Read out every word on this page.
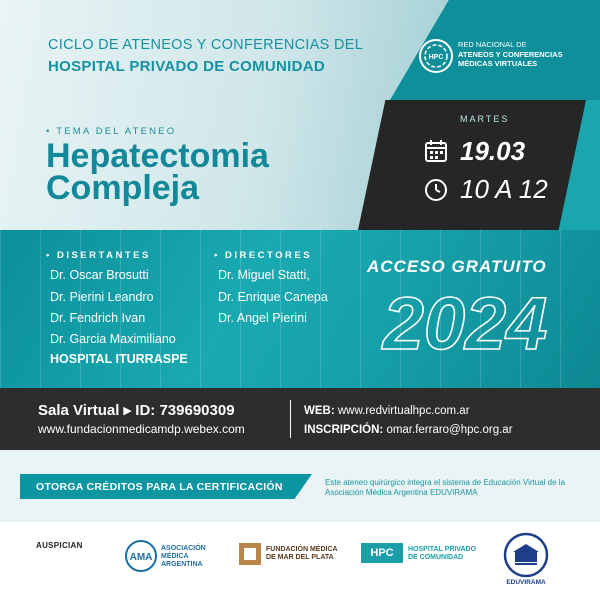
CICLO DE ATENEOS Y CONFERENCIAS DEL
HOSPITAL PRIVADO DE COMUNIDAD
HPC
RED NACIONAL DE
ATENEOS Y CONFERENCIAS
MÉDICAS VIRTUALES
• TEMA DEL ATENEO
Hepatectomia
Compleja
MARTES
19.03
10 A 12
• DISERTANTES
Dr. Oscar Brosutti
Dr. Pierini Leandro
Dr. Fendrich Ivan
Dr. Garcia Maximiliano
HOSPITAL ITURRASPE
• DIRECTORES
Dr. Miguel Statti,
Dr. Enrique Canepa
Dr. Angel Pierini
ACCESO GRATUITO
2024
Sala Virtual ▸ ID: 739690309
www.fundacionmedicamdp.webex.com
WEB: www.redvirtualhpc.com.ar
INSCRIPCIÓN: omar.ferraro@hpc.org.ar
OTORGA CRÉDITOS PARA LA CERTIFICACIÓN	Este ateneo quirúrgico integra el sistema de Educación Virtual de la Asociación Médica Argentina EDUVIRAMA
AUSPICIAN
AMA
ASOCIACIÓN MÉDICA ARGENTINA
FUNDACIÓN MÉDICA DE MAR DEL PLATA	HPC	HOSPITAL PRIVADO DE COMUNIDAD
EDUVIRAMA
